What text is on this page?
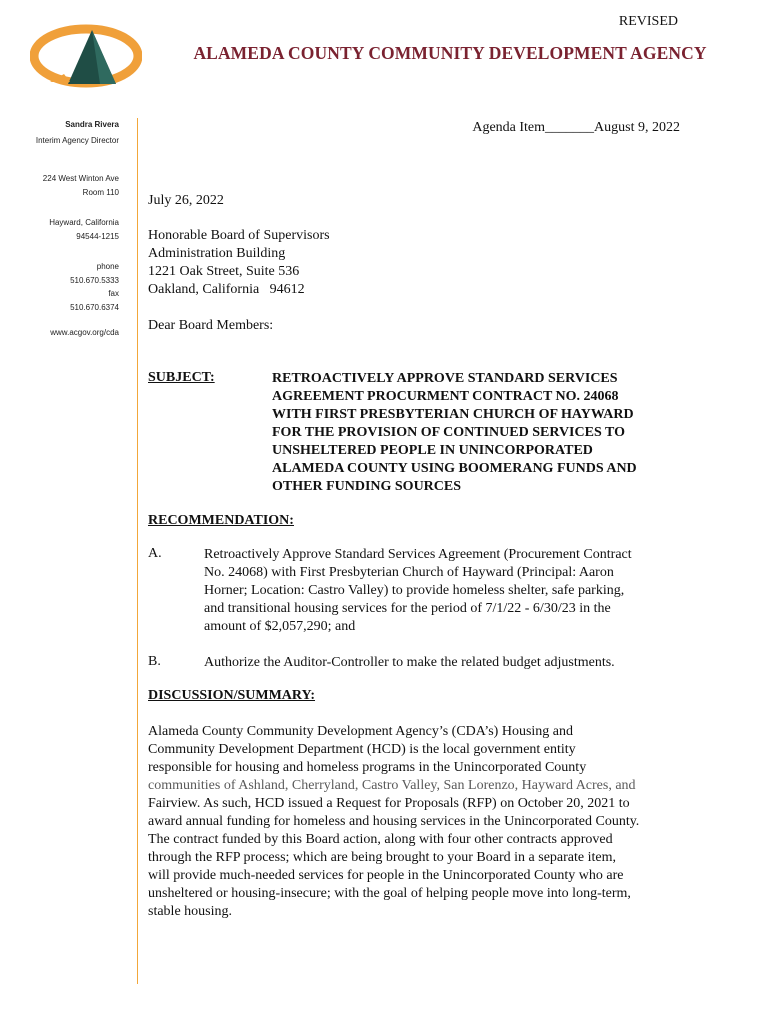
REVISED
ALAMEDA COUNTY COMMUNITY DEVELOPMENT AGENCY
Sandra Rivera
Interim Agency Director
224 West Winton Ave
Room 110
Hayward, California
94544-1215
phone
510.670.5333
fax
510.670.6374
www.acgov.org/cda
Agenda Item_______August 9, 2022
July 26, 2022
Honorable Board of Supervisors
Administration Building
1221 Oak Street, Suite 536
Oakland, California   94612
Dear Board Members:
SUBJECT:	RETROACTIVELY APPROVE STANDARD SERVICES
AGREEMENT PROCURMENT CONTRACT NO. 24068
WITH FIRST PRESBYTERIAN CHURCH OF HAYWARD
FOR THE PROVISION OF CONTINUED SERVICES TO
UNSHELTERED PEOPLE IN UNINCORPORATED
ALAMEDA COUNTY USING BOOMERANG FUNDS AND
OTHER FUNDING SOURCES
RECOMMENDATION:
A.	Retroactively Approve Standard Services Agreement (Procurement Contract
No. 24068) with First Presbyterian Church of Hayward (Principal: Aaron
Horner; Location: Castro Valley) to provide homeless shelter, safe parking,
and transitional housing services for the period of 7/1/22 - 6/30/23 in the
amount of $2,057,290; and
B.	Authorize the Auditor-Controller to make the related budget adjustments.
DISCUSSION/SUMMARY:
Alameda County Community Development Agency’s (CDA’s) Housing and
Community Development Department (HCD) is the local government entity
responsible for housing and homeless programs in the Unincorporated County
communities of Ashland, Cherryland, Castro Valley, San Lorenzo, Hayward Acres, and
Fairview. As such, HCD issued a Request for Proposals (RFP) on October 20, 2021 to
award annual funding for homeless and housing services in the Unincorporated County.
The contract funded by this Board action, along with four other contracts approved
through the RFP process; which are being brought to your Board in a separate item,
will provide much-needed services for people in the Unincorporated County who are
unsheltered or housing-insecure; with the goal of helping people move into long-term,
stable housing.
